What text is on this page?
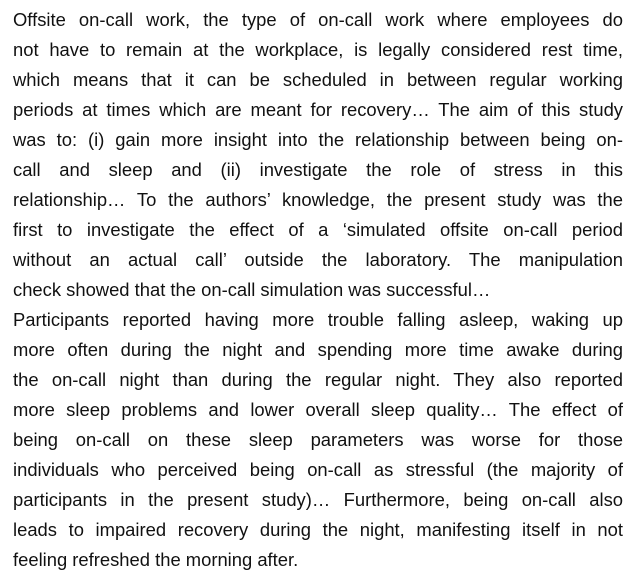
Offsite on-call work, the type of on-call work where employees do
not have to remain at the workplace, is legally considered rest time,
which means that it can be scheduled in between regular working
periods at times which are meant for recovery… The aim of this study
was to: (i) gain more insight into the relationship between being on-
call and sleep and (ii) investigate the role of stress in this
relationship… To the authors’ knowledge, the present study was the
first to investigate the effect of a ‘simulated offsite on-call period
without an actual call’ outside the laboratory. The manipulation
check showed that the on-call simulation was successful…
Participants reported having more trouble falling asleep, waking up
more often during the night and spending more time awake during
the on-call night than during the regular night. They also reported
more sleep problems and lower overall sleep quality… The effect of
being on-call on these sleep parameters was worse for those
individuals who perceived being on-call as stressful (the majority of
participants in the present study)… Furthermore, being on-call also
leads to impaired recovery during the night, manifesting itself in not
feeling refreshed the morning after.
